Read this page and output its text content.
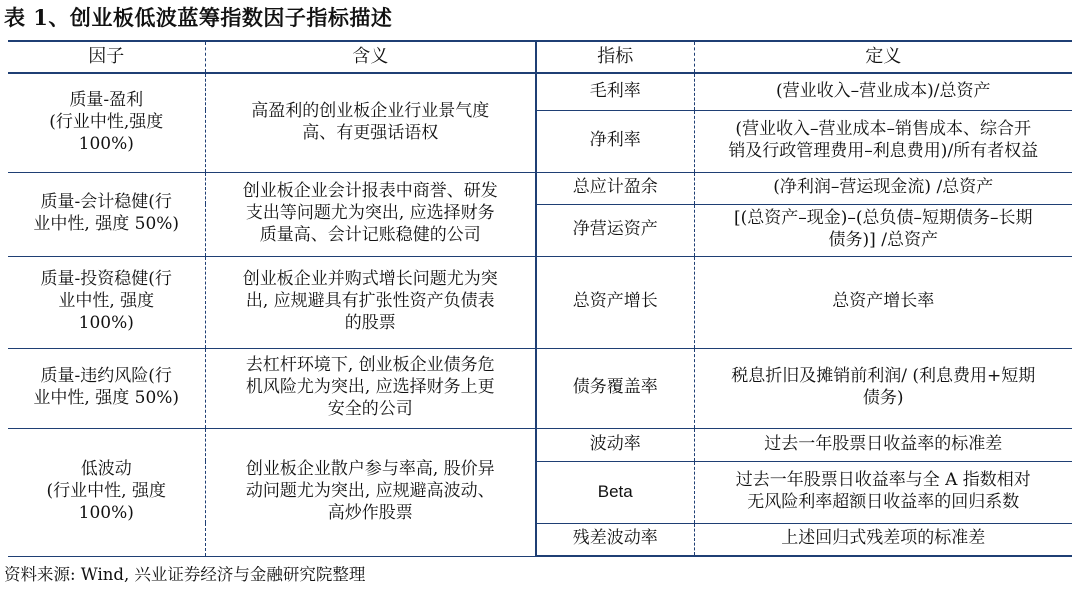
表 1、创业板低波蓝筹指数因子指标描述
因子	含义	指标	定义
质量-盈利
(行业中性,强度
100%)	高盈利的创业板企业行业景气度
高、有更强话语权	毛利率	(营业收入–营业成本)/总资产
		净利率	(营业收入–营业成本–销售成本、综合开
销及行政管理费用–利息费用)/所有者权益
质量-会计稳健(行
业中性, 强度 50%)	创业板企业会计报表中商誉、研发
支出等问题尤为突出, 应选择财务
质量高、会计记账稳健的公司	总应计盈余	(净利润–营运现金流) /总资产
		净营运资产	[(总资产–现金)–(总负债–短期债务–长期
债务)] /总资产
质量-投资稳健(行
业中性, 强度
100%)	创业板企业并购式增长问题尤为突
出, 应规避具有扩张性资产负债表
的股票	总资产增长	总资产增长率
质量-违约风险(行
业中性, 强度 50%)	去杠杆环境下, 创业板企业债务危
机风险尤为突出, 应选择财务上更
安全的公司	债务覆盖率	税息折旧及摊销前利润/ (利息费用+短期
债务)
低波动
(行业中性, 强度
100%)	创业板企业散户参与率高, 股价异
动问题尤为突出, 应规避高波动、
高炒作股票	波动率	过去一年股票日收益率的标准差
		Beta	过去一年股票日收益率与全 A 指数相对
无风险利率超额日收益率的回归系数
		残差波动率	上述回归式残差项的标准差
资料来源: Wind, 兴业证券经济与金融研究院整理
